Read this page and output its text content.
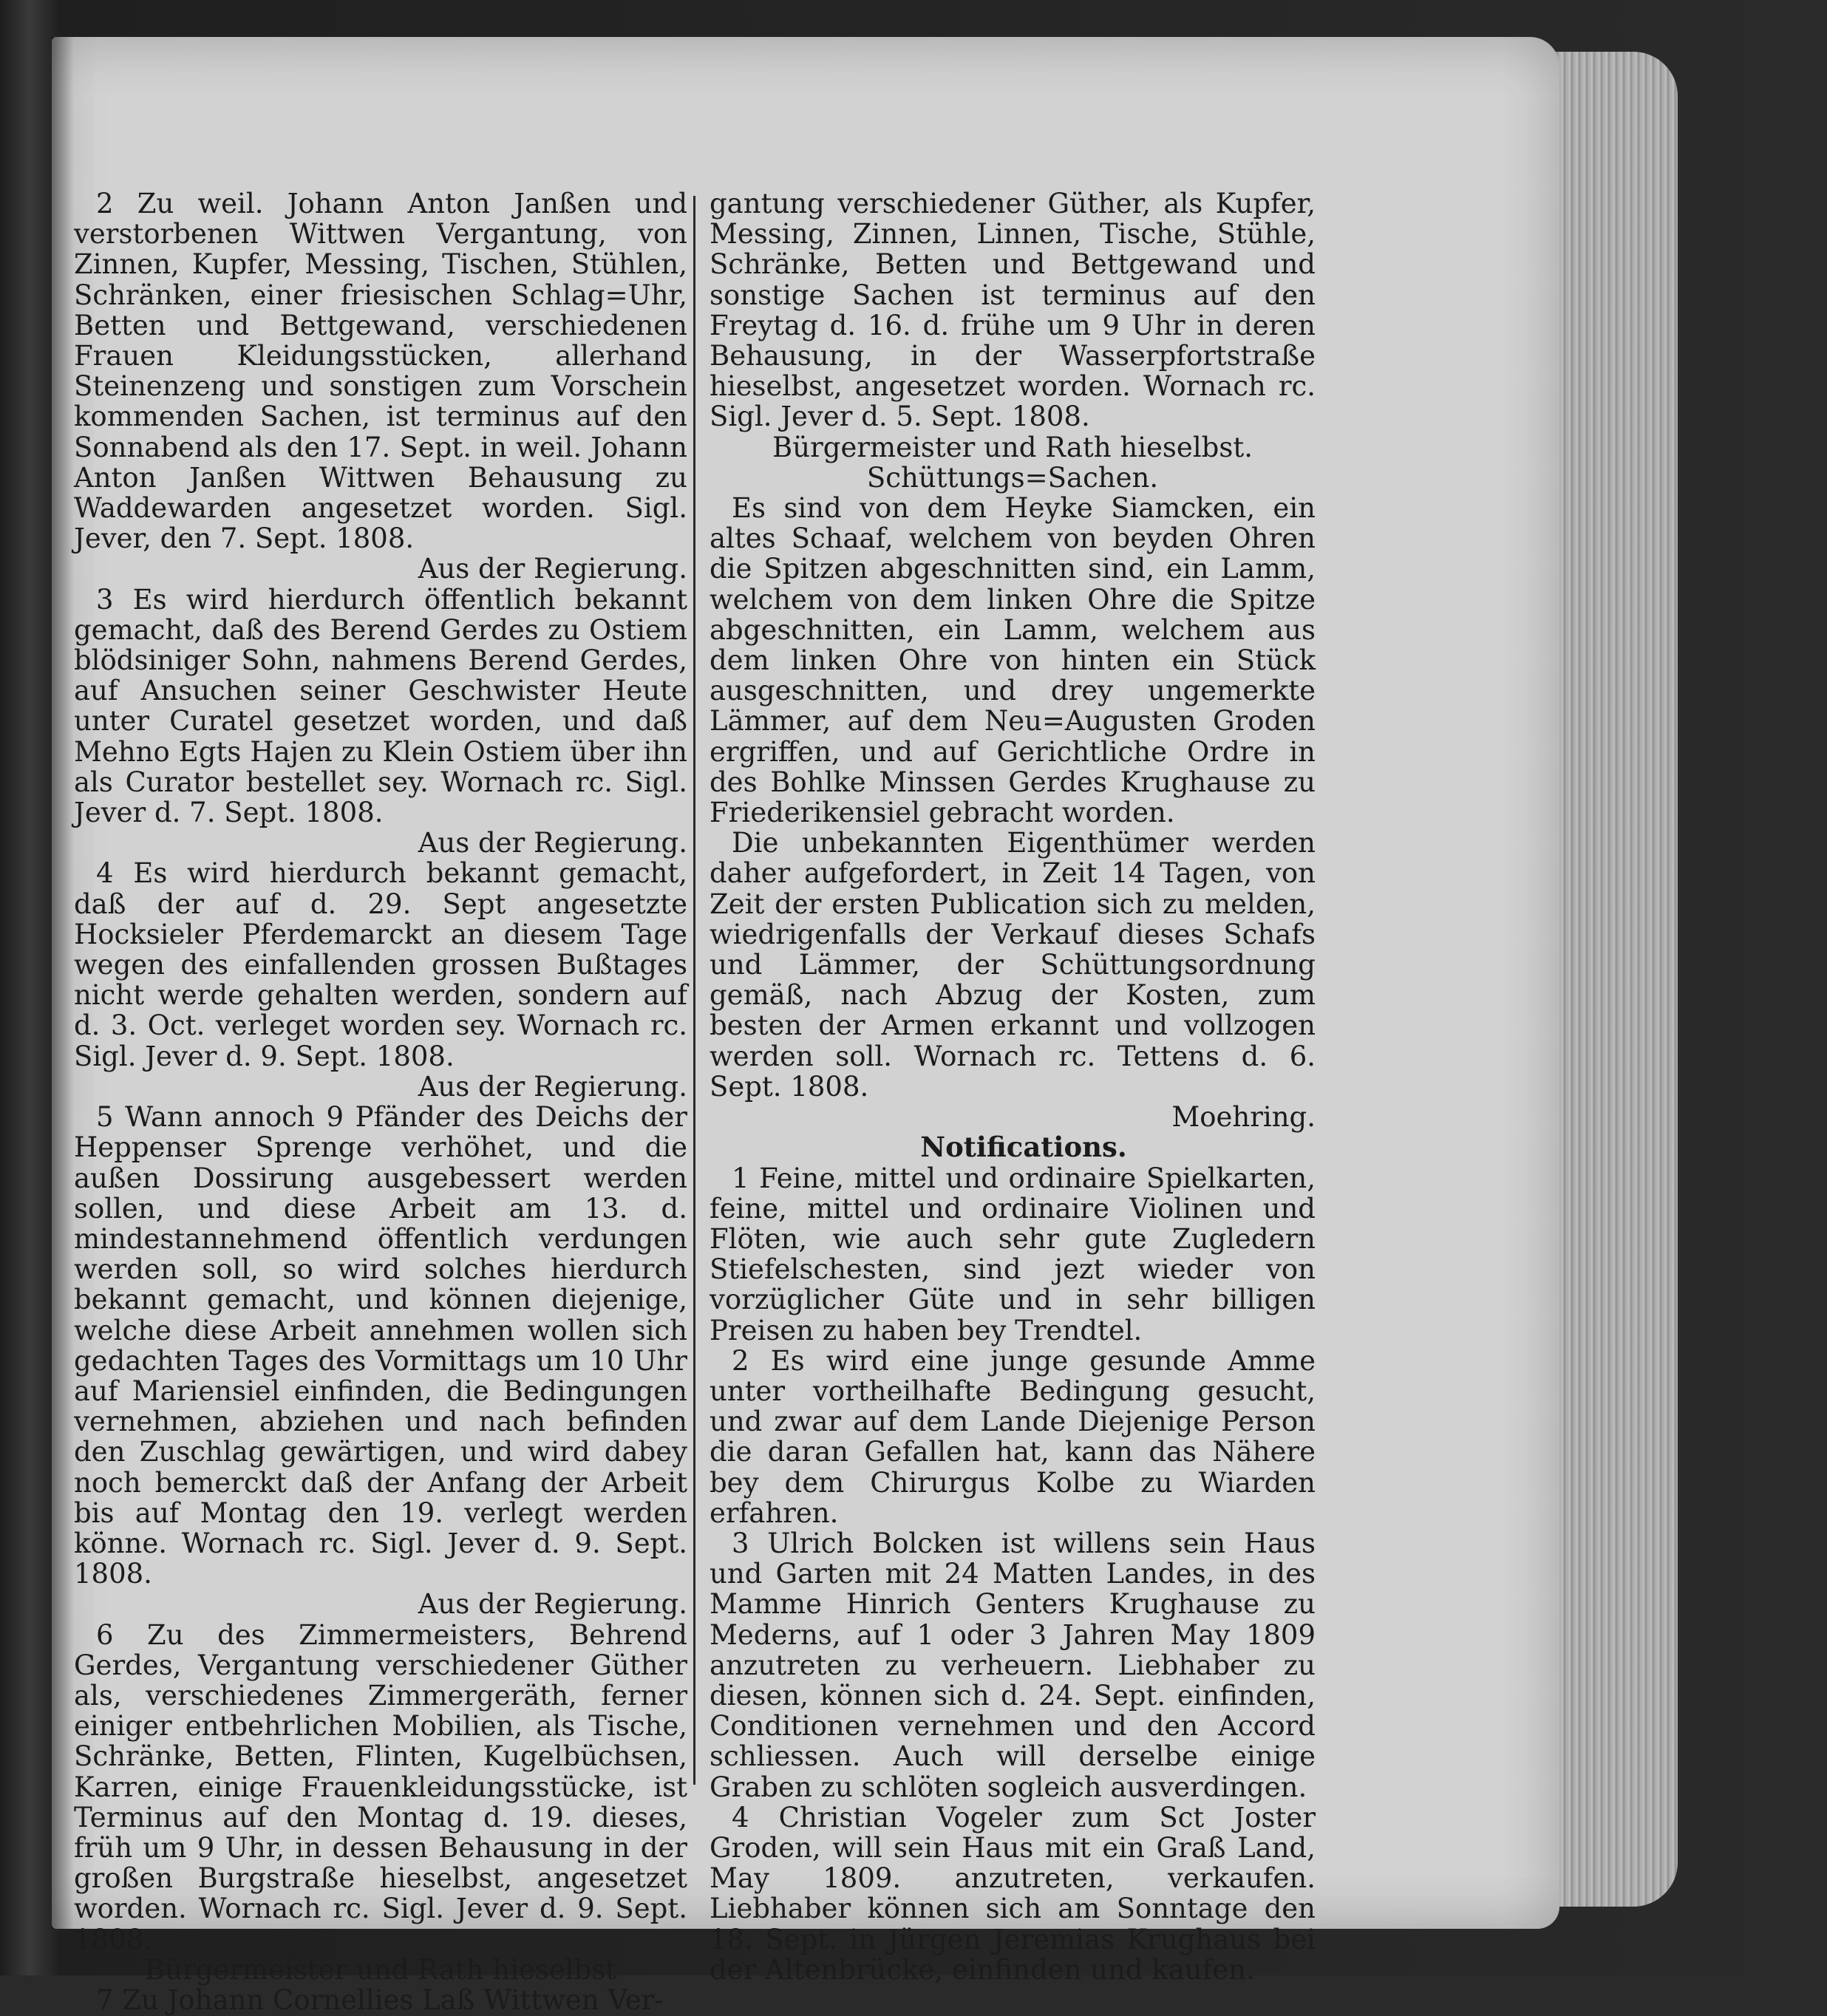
2 Zu weil. Johann Anton Janßen und verstorbenen Wittwen Vergantung, von Zinnen, Kupfer, Messing, Tischen, Stühlen, Schränken, einer friesischen Schlag=Uhr, Betten und Bettgewand, verschiedenen Frauen Kleidungsstücken, allerhand Steinenzeng und sonstigen zum Vorschein kommenden Sachen, ist terminus auf den Sonnabend als den 17. Sept. in weil. Johann Anton Janßen Wittwen Behausung zu Waddewarden angesetzet worden. Sigl. Jever, den 7. Sept. 1808.

Aus der Regierung.

3 Es wird hierdurch öffentlich bekannt gemacht, daß des Berend Gerdes zu Ostiem blödsiniger Sohn, nahmens Berend Gerdes, auf Ansuchen seiner Geschwister Heute unter Curatel gesetzet worden, und daß Mehno Egts Hajen zu Klein Ostiem über ihn als Curator bestellet sey. Wornach rc. Sigl. Jever d. 7. Sept. 1808.

Aus der Regierung.

4 Es wird hierdurch bekannt gemacht, daß der auf d. 29. Sept angesetzte Hocksieler Pferdemarckt an diesem Tage wegen des einfallenden grossen Bußtages nicht werde gehalten werden, sondern auf d. 3. Oct. verleget worden sey. Wornach rc. Sigl. Jever d. 9. Sept. 1808.

Aus der Regierung.

5 Wann annoch 9 Pfänder des Deichs der Heppenser Sprenge verhöhet, und die außen Dossirung ausgebessert werden sollen, und diese Arbeit am 13. d. mindestannehmend öffentlich verdungen werden soll, so wird solches hierdurch bekannt gemacht, und können diejenige, welche diese Arbeit annehmen wollen sich gedachten Tages des Vormittags um 10 Uhr auf Mariensiel einfinden, die Bedingungen vernehmen, abziehen und nach befinden den Zuschlag gewärtigen, und wird dabey noch bemerckt daß der Anfang der Arbeit bis auf Montag den 19. verlegt werden könne. Wornach rc. Sigl. Jever d. 9. Sept. 1808.

Aus der Regierung.

6 Zu des Zimmermeisters, Behrend Gerdes, Vergantung verschiedener Güther als, verschiedenes Zimmergeräth, ferner einiger entbehrlichen Mobilien, als Tische, Schränke, Betten, Flinten, Kugelbüchsen, Karren, einige Frauenkleidungsstücke, ist Terminus auf den Montag d. 19. dieses, früh um 9 Uhr, in dessen Behausung in der großen Burgstraße hieselbst, angesetzet worden. Wornach rc. Sigl. Jever d. 9. Sept. 1808.

Bürgermeister und Rath hieselbst

7 Zu Johann Cornellies Laß Wittwen Ver-

gantung verschiedener Güther, als Kupfer, Messing, Zinnen, Linnen, Tische, Stühle, Schränke, Betten und Bettgewand und sonstige Sachen ist terminus auf den Freytag d. 16. d. frühe um 9 Uhr in deren Behausung, in der Wasserpfortstraße hieselbst, angesetzet worden. Wornach rc. Sigl. Jever d. 5. Sept. 1808.

Bürgermeister und Rath hieselbst.
Schüttungs=Sachen.

Es sind von dem Heyke Siamcken, ein altes Schaaf, welchem von beyden Ohren die Spitzen abgeschnitten sind, ein Lamm, welchem von dem linken Ohre die Spitze abgeschnitten, ein Lamm, welchem aus dem linken Ohre von hinten ein Stück ausgeschnitten, und drey ungemerkte Lämmer, auf dem Neu=Augusten Groden ergriffen, und auf Gerichtliche Ordre in des Bohlke Minssen Gerdes Krughause zu Friederikensiel gebracht worden.

Die unbekannten Eigenthümer werden daher aufgefordert, in Zeit 14 Tagen, von Zeit der ersten Publication sich zu melden, wiedrigenfalls der Verkauf dieses Schafs und Lämmer, der Schüttungsordnung gemäß, nach Abzug der Kosten, zum besten der Armen erkannt und vollzogen werden soll. Wornach rc. Tettens d. 6. Sept. 1808.

Moehring.

Notifications.

1 Feine, mittel und ordinaire Spielkarten, feine, mittel und ordinaire Violinen und Flöten, wie auch sehr gute Zugledern Stiefelschesten, sind jezt wieder von vorzüglicher Güte und in sehr billigen Preisen zu haben bey Trendtel.

2 Es wird eine junge gesunde Amme unter vortheilhafte Bedingung gesucht, und zwar auf dem Lande Diejenige Person die daran Gefallen hat, kann das Nähere bey dem Chirurgus Kolbe zu Wiarden erfahren.

3 Ulrich Bolcken ist willens sein Haus und Garten mit 24 Matten Landes, in des Mamme Hinrich Genters Krughause zu Mederns, auf 1 oder 3 Jahren May 1809 anzutreten zu verheuern. Liebhaber zu diesen, können sich d. 24. Sept. einfinden, Conditionen vernehmen und den Accord schliessen. Auch will derselbe einige Graben zu schlöten sogleich ausverdingen.

4 Christian Vogeler zum Sct Joster Groden, will sein Haus mit ein Graß Land, May 1809. anzutreten, verkaufen. Liebhaber können sich am Sonntage den 18. Sept. in Jürgen Jeremias Krughaus bei der Altenbrücke, einfinden und kaufen.
